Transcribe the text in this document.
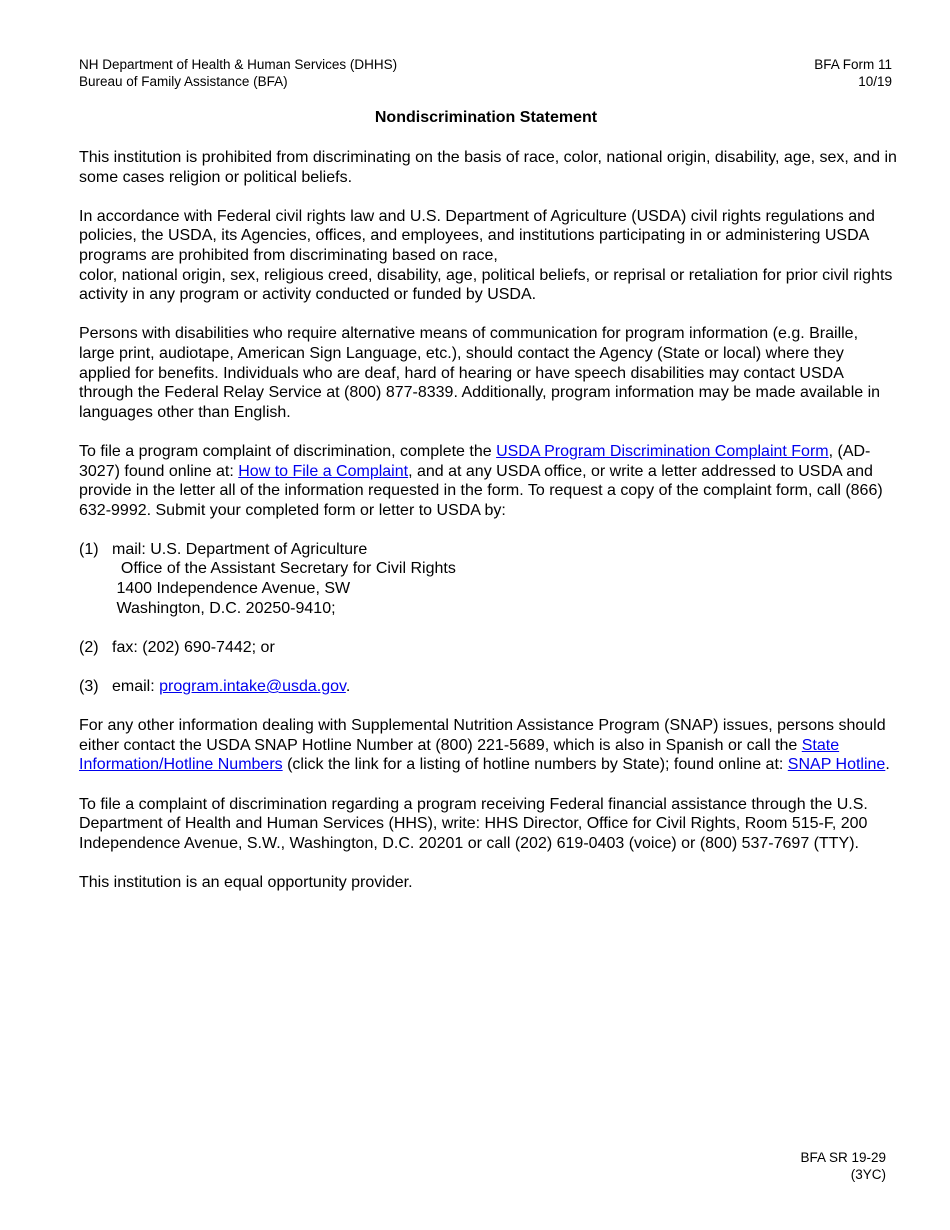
NH Department of Health & Human Services (DHHS)
Bureau of Family Assistance (BFA)
BFA Form 11
10/19
Nondiscrimination Statement

This institution is prohibited from discriminating on the basis of race, color, national origin, disability, age, sex, and in some cases religion or political beliefs.

In accordance with Federal civil rights law and U.S. Department of Agriculture (USDA) civil rights regulations and policies, the USDA, its Agencies, offices, and employees, and institutions participating in or administering USDA programs are prohibited from discriminating based on race,
color, national origin, sex, religious creed, disability, age, political beliefs, or reprisal or retaliation for prior civil rights activity in any program or activity conducted or funded by USDA.

Persons with disabilities who require alternative means of communication for program information (e.g. Braille, large print, audiotape, American Sign Language, etc.), should contact the Agency (State or local) where they applied for benefits. Individuals who are deaf, hard of hearing or have speech disabilities may contact USDA through the Federal Relay Service at (800) 877-8339. Additionally, program information may be made available in languages other than English.

To file a program complaint of discrimination, complete the USDA Program Discrimination Complaint Form, (AD-3027) found online at: How to File a Complaint, and at any USDA office, or write a letter addressed to USDA and provide in the letter all of the information requested in the form. To request a copy of the complaint form, call (866) 632-9992. Submit your completed form or letter to USDA by:

(1) mail: U.S. Department of Agriculture
Office of the Assistant Secretary for Civil Rights
1400 Independence Avenue, SW
Washington, D.C. 20250-9410;
(2) fax: (202) 690-7442; or
(3) email: program.intake@usda.gov.

For any other information dealing with Supplemental Nutrition Assistance Program (SNAP) issues, persons should either contact the USDA SNAP Hotline Number at (800) 221-5689, which is also in Spanish or call the State Information/Hotline Numbers (click the link for a listing of hotline numbers by State); found online at: SNAP Hotline.

To file a complaint of discrimination regarding a program receiving Federal financial assistance through the U.S. Department of Health and Human Services (HHS), write: HHS Director, Office for Civil Rights, Room 515-F, 200 Independence Avenue, S.W., Washington, D.C. 20201 or call (202) 619-0403 (voice) or (800) 537-7697 (TTY).

This institution is an equal opportunity provider.

BFA SR 19-29
(3YC)
